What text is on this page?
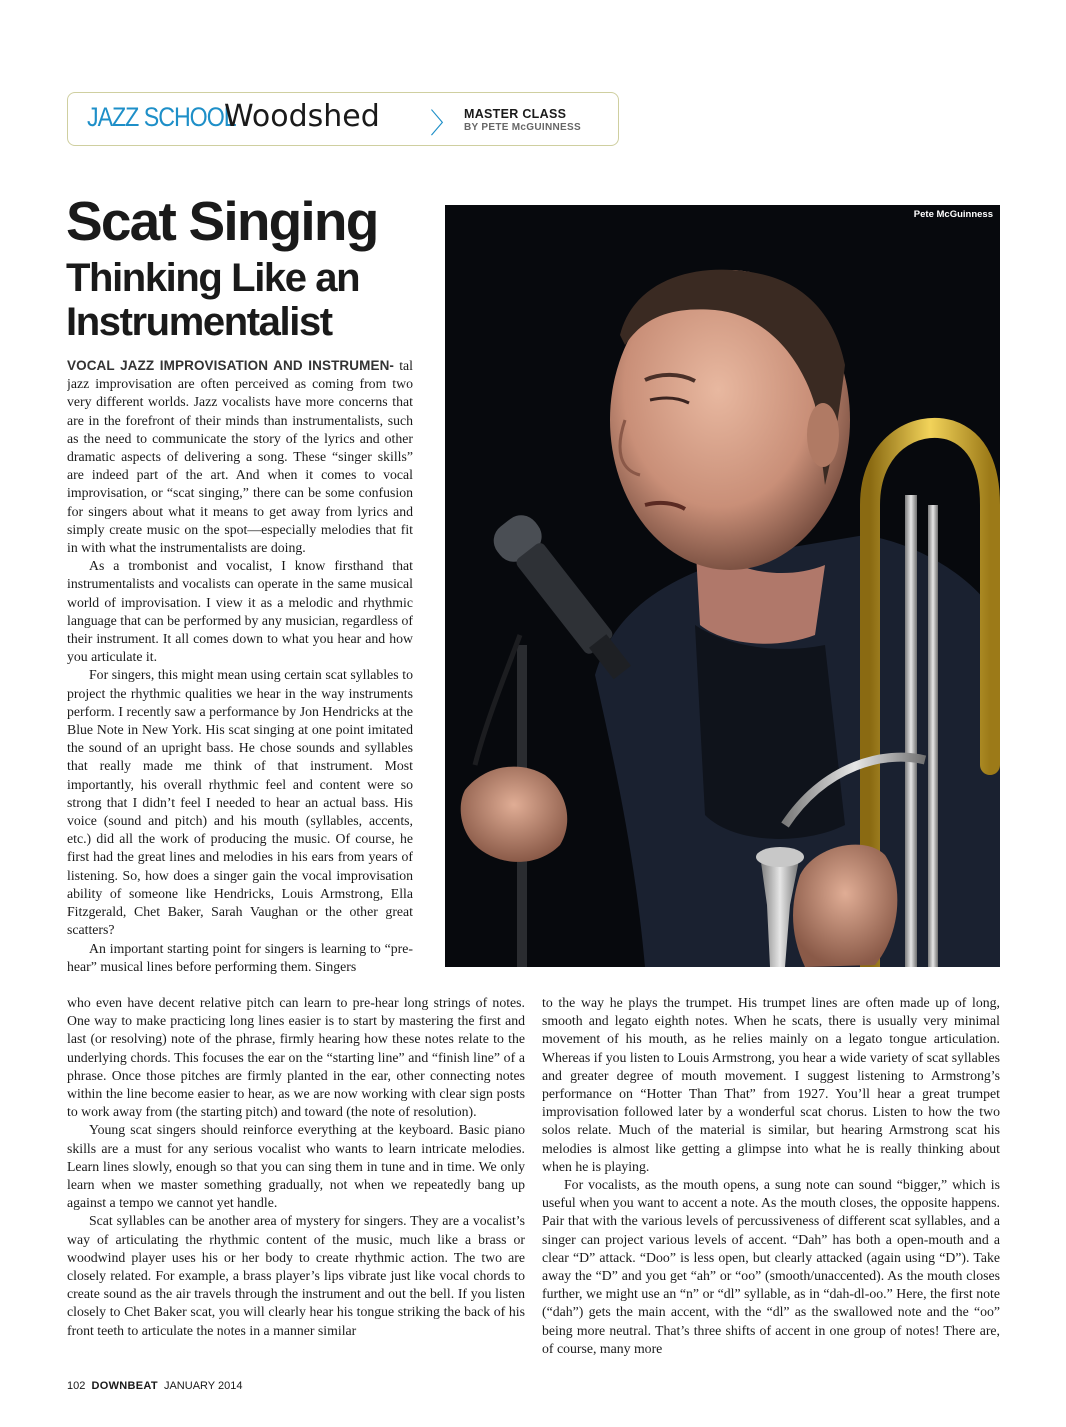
JAZZ SCHOOL
Woodshed 〉 MASTER CLASS
BY PETE McGUINNESS
Scat Singing
Thinking Like an Instrumentalist
Pete McGuinness

VOCAL JAZZ IMPROVISATION AND INSTRUMEN- tal jazz improvisation are often perceived as coming from two very different worlds. Jazz vocalists have more concerns that are in the forefront of their minds than instrumentalists, such as the need to communicate the story of the lyrics and other dramatic aspects of delivering a song. These “singer skills” are indeed part of the art. And when it comes to vocal improvisation, or “scat singing,” there can be some confusion for singers about what it means to get away from lyrics and simply create music on the spot—especially melodies that fit in with what the instrumentalists are doing.

As a trombonist and vocalist, I know firsthand that instrumentalists and vocalists can operate in the same musical world of improvisation. I view it as a melodic and rhythmic language that can be performed by any musician, regardless of their instrument. It all comes down to what you hear and how you articulate it.

For singers, this might mean using certain scat syllables to project the rhythmic qualities we hear in the way instruments perform. I recently saw a performance by Jon Hendricks at the Blue Note in New York. His scat singing at one point imitated the sound of an upright bass. He chose sounds and syllables that really made me think of that instrument. Most importantly, his overall rhythmic feel and content were so strong that I didn’t feel I needed to hear an actual bass. His voice (sound and pitch) and his mouth (syllables, accents, etc.) did all the work of producing the music. Of course, he first had the great lines and melodies in his ears from years of listening. So, how does a singer gain the vocal improvisation ability of someone like Hendricks, Louis Armstrong, Ella Fitzgerald, Chet Baker, Sarah Vaughan or the other great scatters?

An important starting point for singers is learning to “pre-hear” musical lines before performing them. Singers

who even have decent relative pitch can learn to pre-hear long strings of notes. One way to make practicing long lines easier is to start by mastering the first and last (or resolving) note of the phrase, firmly hearing how these notes relate to the underlying chords. This focuses the ear on the “starting line” and “finish line” of a phrase. Once those pitches are firmly planted in the ear, other connecting notes within the line become easier to hear, as we are now working with clear sign posts to work away from (the starting pitch) and toward (the note of resolution).

Young scat singers should reinforce everything at the keyboard. Basic piano skills are a must for any serious vocalist who wants to learn intricate melodies. Learn lines slowly, enough so that you can sing them in tune and in time. We only learn when we master something gradually, not when we repeatedly bang up against a tempo we cannot yet handle.

Scat syllables can be another area of mystery for singers. They are a vocalist’s way of articulating the rhythmic content of the music, much like a brass or woodwind player uses his or her body to create rhythmic action. The two are closely related. For example, a brass player’s lips vibrate just like vocal chords to create sound as the air travels through the instrument and out the bell. If you listen closely to Chet Baker scat, you will clearly hear his tongue striking the back of his front teeth to articulate the notes in a manner similar

to the way he plays the trumpet. His trumpet lines are often made up of long, smooth and legato eighth notes. When he scats, there is usually very minimal movement of his mouth, as he relies mainly on a legato tongue articulation. Whereas if you listen to Louis Armstrong, you hear a wide variety of scat syllables and greater degree of mouth movement. I suggest listening to Armstrong’s performance on “Hotter Than That” from 1927. You’ll hear a great trumpet improvisation followed later by a wonderful scat chorus. Listen to how the two solos relate. Much of the material is similar, but hearing Armstrong scat his melodies is almost like getting a glimpse into what he is really thinking about when he is playing.

For vocalists, as the mouth opens, a sung note can sound “bigger,” which is useful when you want to accent a note. As the mouth closes, the opposite happens. Pair that with the various levels of percussiveness of different scat syllables, and a singer can project various levels of accent. “Dah” has both a open-mouth and a clear “D” attack. “Doo” is less open, but clearly attacked (again using “D”). Take away the “D” and you get “ah” or “oo” (smooth/unaccented). As the mouth closes further, we might use an “n” or “dl” syllable, as in “dah-dl-oo.” Here, the first note (“dah”) gets the main accent, with the “dl” as the swallowed note and the “oo” being more neutral. That’s three shifts of accent in one group of notes! There are, of course, many more

102 DOWNBEAT JANUARY 2014
